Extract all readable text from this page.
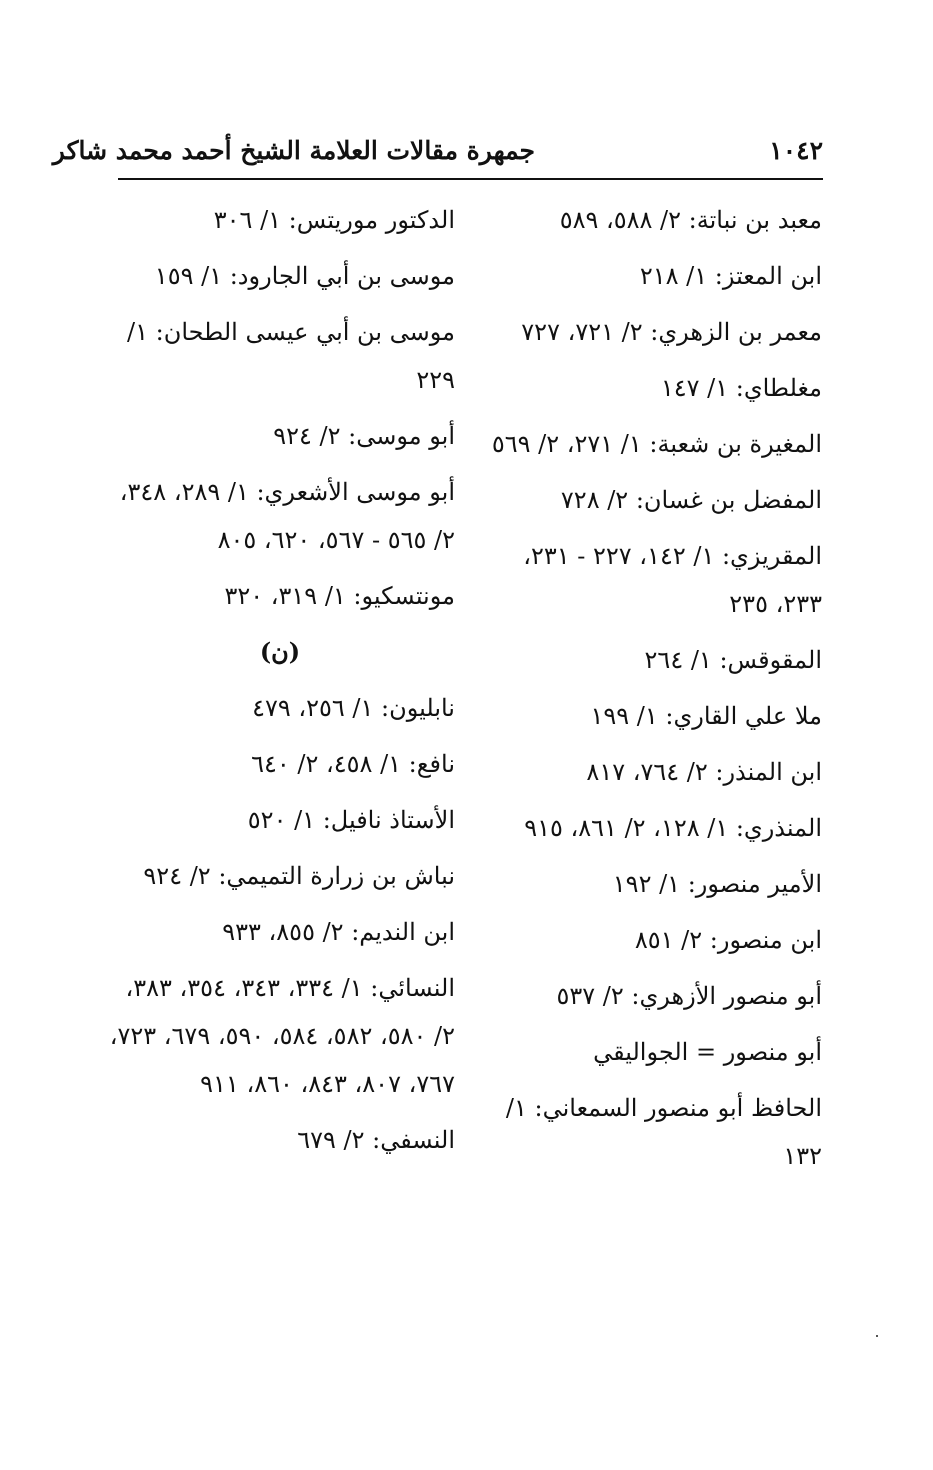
١٠٤٢
جمهرة مقالات العلامة الشيخ أحمد محمد شاكر
معبد بن نباتة: ٢/ ٥٨٨، ٥٨٩
ابن المعتز: ١/ ٢١٨
معمر بن الزهري: ٢/ ٧٢١، ٧٢٧
مغلطاي: ١/ ١٤٧
المغيرة بن شعبة: ١/ ٢٧١، ٢/ ٥٦٩
المفضل بن غسان: ٢/ ٧٢٨
المقريزي: ١/ ١٤٢، ٢٢٧ - ٢٣١، ٢٣٣، ٢٣٥
المقوقس: ١/ ٢٦٤
ملا علي القاري: ١/ ١٩٩
ابن المنذر: ٢/ ٧٦٤، ٨١٧
المنذري: ١/ ١٢٨، ٢/ ٨٦١، ٩١٥
الأمير منصور: ١/ ١٩٢
ابن منصور: ٢/ ٨٥١
أبو منصور الأزهري: ٢/ ٥٣٧
أبو منصور = الجواليقي
الحافظ أبو منصور السمعاني: ١/ ١٣٢
الدكتور موريتس: ١/ ٣٠٦
موسى بن أبي الجارود: ١/ ١٥٩
موسى بن أبي عيسى الطحان: ١/ ٢٢٩
أبو موسى: ٢/ ٩٢٤
أبو موسى الأشعري: ١/ ٢٨٩، ٣٤٨، ٢/ ٥٦٥ - ٥٦٧، ٦٢٠، ٨٠٥
مونتسكيو: ١/ ٣١٩، ٣٢٠
(ن)
نابليون: ١/ ٢٥٦، ٤٧٩
نافع: ١/ ٤٥٨، ٢/ ٦٤٠
الأستاذ نافيل: ١/ ٥٢٠
نباش بن زرارة التميمي: ٢/ ٩٢٤
ابن النديم: ٢/ ٨٥٥، ٩٣٣
النسائي: ١/ ٣٣٤، ٣٤٣، ٣٥٤، ٣٨٣، ٢/ ٥٨٠، ٥٨٢، ٥٨٤، ٥٩٠، ٦٧٩، ٧٢٣، ٧٦٧، ٨٠٧، ٨٤٣، ٨٦٠، ٩١١
النسفي: ٢/ ٦٧٩
